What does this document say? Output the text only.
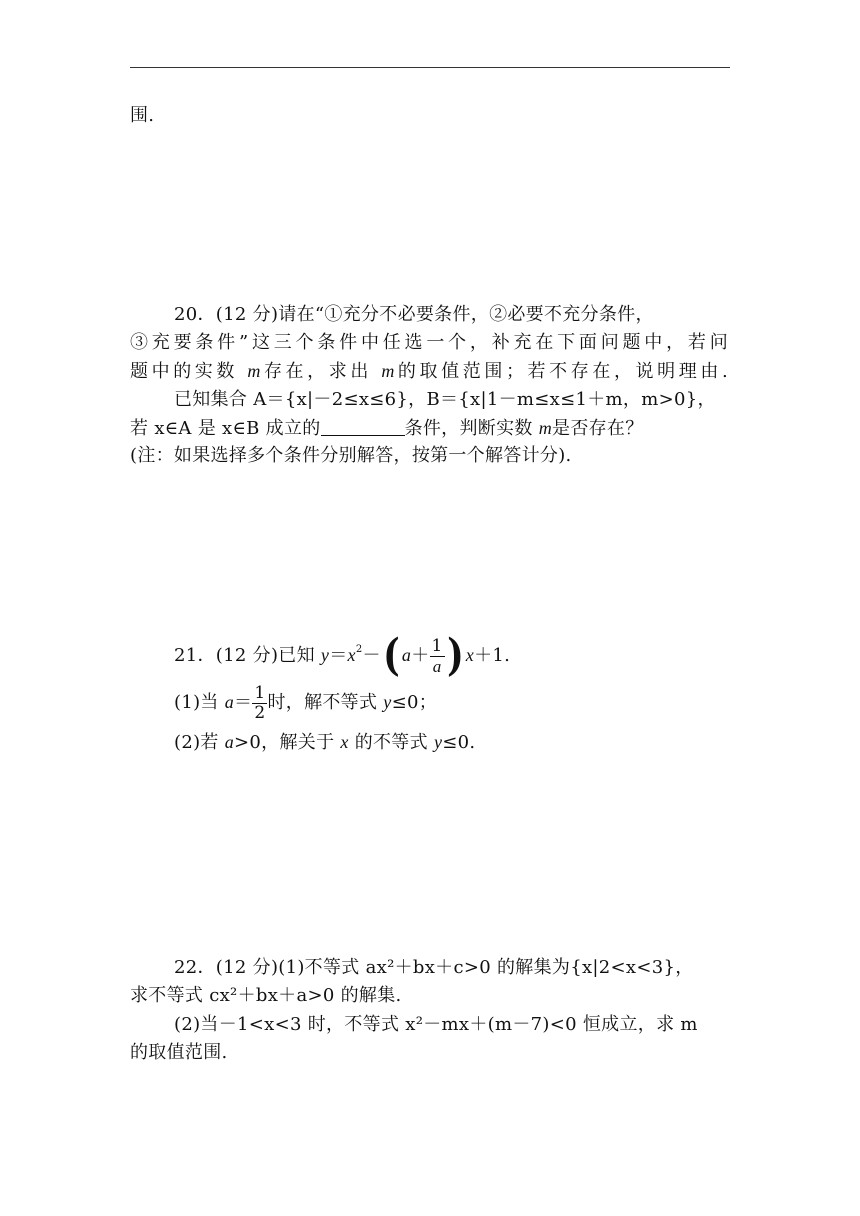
围.
20．(12 分)请在“①充分不必要条件，②必要不充分条件，
③充要条件”这三个条件中任选一个，补充在下面问题中，若问
题中的实数 m存在，求出 m的取值范围；若不存在，说明理由.
已知集合 A＝{x|－2≤x≤6}，B＝{x|1－m≤x≤1＋m，m>0}，
若 x∈A 是 x∈B 成立的	条件，判断实数 m是否存在？
(注：如果选择多个条件分别解答，按第一个解答计分).
21．(12 分)已知 $y=x^2-$( $a+ \frac{1}{a}$ ) x＋1.
(1)当 $a= \frac{1}{2}$ 时，解不等式 y≤0；
(2)若 a>0，解关于 x 的不等式 y≤0.
22．(12 分)(1)不等式 ax²＋bx＋c>0 的解集为{x|2<x<3}，
求不等式 cx²＋bx＋a>0 的解集.
(2)当－1<x<3 时，不等式 x²－mx＋(m－7)<0 恒成立，求 m
的取值范围.
